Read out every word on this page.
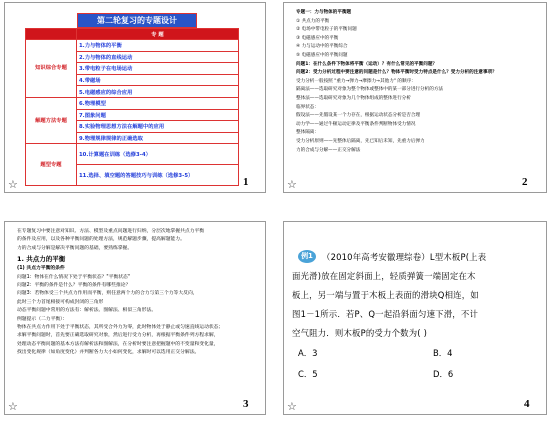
第二轮复习的专题设计
	专 题
知识综合专题	1.力与物体的平衡
	2.力与物体的直线运动
	3.带电粒子在电场运动
	4.带磁场
	5.电磁感应的综合应用
解题方法专题	6.物理模型
	7.图象问题
	8.实验物理思想方法在解题中的应用
	9.物理规律规律的正确选取
题型专题	10.计算题在训练（选修3-4）
	11.选择、填空题的答题技巧与训练（选修3-5）
☆	1
专题一：力与物体的平衡题
① 共点力的平衡
② 电场中带电粒子的平衡问题
③ 电磁感应中的平衡
④ 力与运动中的平衡综合
⑤ 电磁感应中的平衡问题
问题1：在什么条件下物体将平衡（运动）？有什么常见的平衡问题？
问题2：受力分析过程中要注意的问题是什么？物体平衡时受力特点是什么？受力分析的注意事项？
受力分析一般按照 "重力→弹力→摩擦力→其他力" 的顺序：
隔离法——选取研究对象为整个物体或整体中的某一部分进行分析的方法
整体法——选取研究对象为几个物体组成的整体进行分析
临界状态：
假设法——先假设某一个力存在，根据运动状态分析是否合理
动力学——通过牛顿运动定律及平衡条件判断物体受力情况
整体隔离：
受力分析原则——先整体后隔离，先已知后未知，先重力后弹力
力的合成与分解——正交分解法
☆	2
在专题复习中要注意对知识、方法、模型及重点问题进行归纳，分层次地掌握共点力平衡
的条件及应用，以及各种平衡问题的处理方法，规范解题步骤，提高解题能力。
力的合成与分解是解决平衡问题的基础，要熟练掌握。
1. 共点力的平衡
(1) 共点力平衡的条件
问题1：物体在什么情况下处于平衡状态？"平衡状态"
问题2：平衡的条件是什么？平衡的条件有哪些推论？
问题3：若物体受三个共点力作用而平衡，则任意两个力的合力与第三个力等大反向，
此时三个力首尾相接可构成封闭的三角形
动态平衡问题中常用的方法有：解析法、图解法、相似三角形法。
例题提示（二力平衡）：
物体在共点力作用下处于平衡状态，其所受合外力为零，此时物体处于静止或匀速直线运动状态；
求解平衡问题时，首先要正确选取研究对象，然后进行受力分析，再根据平衡条件列方程求解，
处理动态平衡问题的基本方法有解析法和图解法，在分析时要注意把握题中的不变量和变化量，
找出变化规律（如角度变化）并判断各力大小如何变化，求解时可以选用正交分解法。
☆	3
（2010年高考安徽理综卷）L型木板P(上表
面光滑)放在固定斜面上，轻质弹簧一端固定在木
板上，另一端与置于木板上表面的滑块Q相连，如
图1－1所示．若P、Q一起沿斜面匀速下滑，不计
空气阻力．则木板P的受力个数为( )
例1
A．3	B．4
C．5	D．6
☆	4
